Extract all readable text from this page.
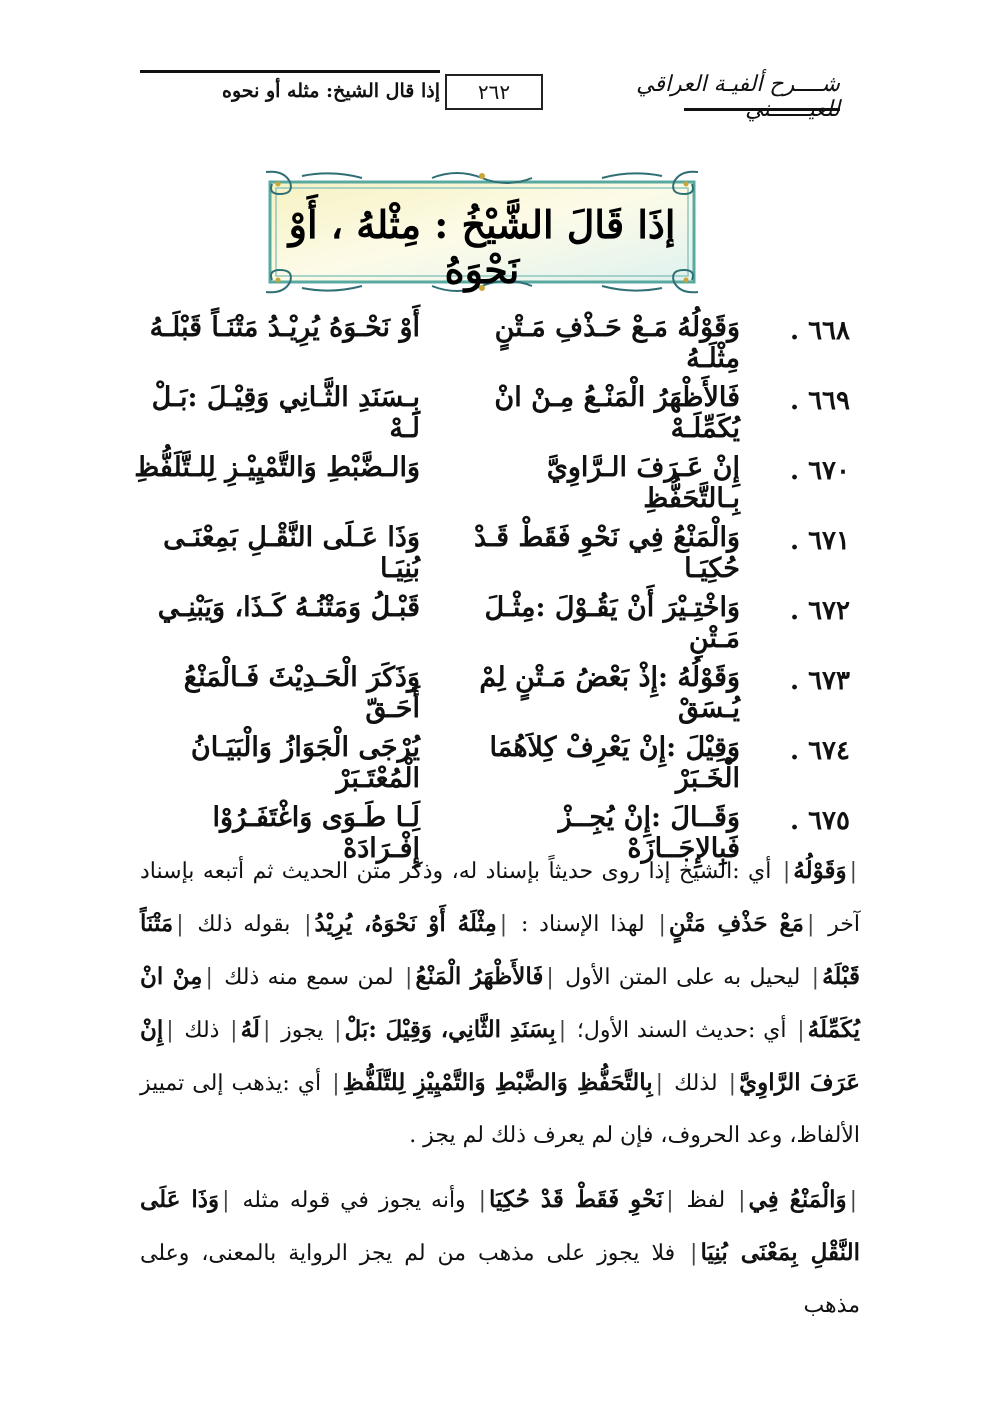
شــــرح ألفيـة العراقي للعيــــــني
٢٦٢
إذا قال الشيخ: مثله أو نحوه
إذَا قَالَ الشَّيْخُ : مِثْلهُ ، أَوْ نَحْوَهُ
٦٦٨ .
وَقَوْلُهُ مَـعْ حَـذْفِ مَـتْنٍ مِثْلَـهُ
أَوْ نَحْـوَهُ يُرِيْـدُ مَتْنَـاً قَبْلَـهُ
٦٦٩ .
فَالأَظْهَرُ الْمَنْـعُ مِـنْ انْ يُكَمِّلَـهْ
بِـسَنَدِ الثَّـانِي وَقِيْـلَ :بَـلْ لَـهْ
٦٧٠ .
إِنْ عَـرَفَ الـرَّاوِيَّ بِـالتَّحَفُّظِ
وَالـضَّبْطِ وَالتَّمْيِيْـزِ لِلـتَّلَفُّظِ
٦٧١ .
وَالْمَنْعُ فِي نَحْوِ فَقَطْ قَـدْ حُكِيَـا
وَذَا عَـلَى النَّقْـلِ بَمِعْنَـى بُنِيَـا
٦٧٢ .
وَاخْتِـيْرَ أَنْ يَقُـوْلَ :مِثْـلَ مَـتْنِ
قَبْـلُ وَمَتْنُـهُ كَـذَا، وَيَبْنِـي
٦٧٣ .
وَقَوْلُهُ :إِذْ بَعْضُ مَـتْنٍ لِمْ يُـسَقْ
وَذَكَرَ الْحَـدِيْثَ فَـالْمَنْعُ أَحَـقّ
٦٧٤ .
وَقِيْلَ :إِنْ يَعْرِفْ كِلاَهُمَا الْخَـبَرْ
يُرْجَى الْجَوَازُ وَالْبَيَـانُ الْمُعْتَـبَرْ
٦٧٥ .
وَقَــالَ :إِنْ يُجِــزْ فَبِالإِجَــازَهْ
لَِـا طَـوَى وَاغْتَفَـرُوْا إِفْـرَادَهْ

|وَقَوْلُهُ| أي :الشيخ إذا روى حديثاً بإسناد له، وذكر متن الحديث ثم أتبعه بإسناد آخر |مَعْ حَذْفِ مَتْنٍ| لهذا الإسناد : |مِثْلَهُ أَوْ نَحْوَهُ، يُرِيْدُ| بقوله ذلك |مَتْنَاً قَبْلَهُ| ليحيل به على المتن الأول |فَالأَظْهَرُ الْمَنْعُ| لمن سمع منه ذلك |مِنْ انْ يُكَمِّلَهُ| أي :حديث السند الأول؛ |بِسَنَدِ الثَّانِي، وَقِيْلَ :بَلْ| يجوز |لَهُ| ذلك |إِنْ عَرَفَ الرَّاوِيَّ| لذلك |بِالتَّحَفُّظِ وَالضَّبْطِ وَالتَّمْيِيْزِ لِلتَّلَفُّظِ| أي :يذهب إلى تمييز الألفاظ، وعد الحروف، فإن لم يعرف ذلك لم يجز .

|وَالْمَنْعُ فِي| لفظ |نَحْوِ فَقَطْ قَدْ حُكِيَا| وأنه يجوز في قوله مثله |وَذَا عَلَى النَّقْلِ بِمَعْنَى بُنِيَا| فلا يجوز على مذهب من لم يجز الرواية بالمعنى، وعلى مذهب
